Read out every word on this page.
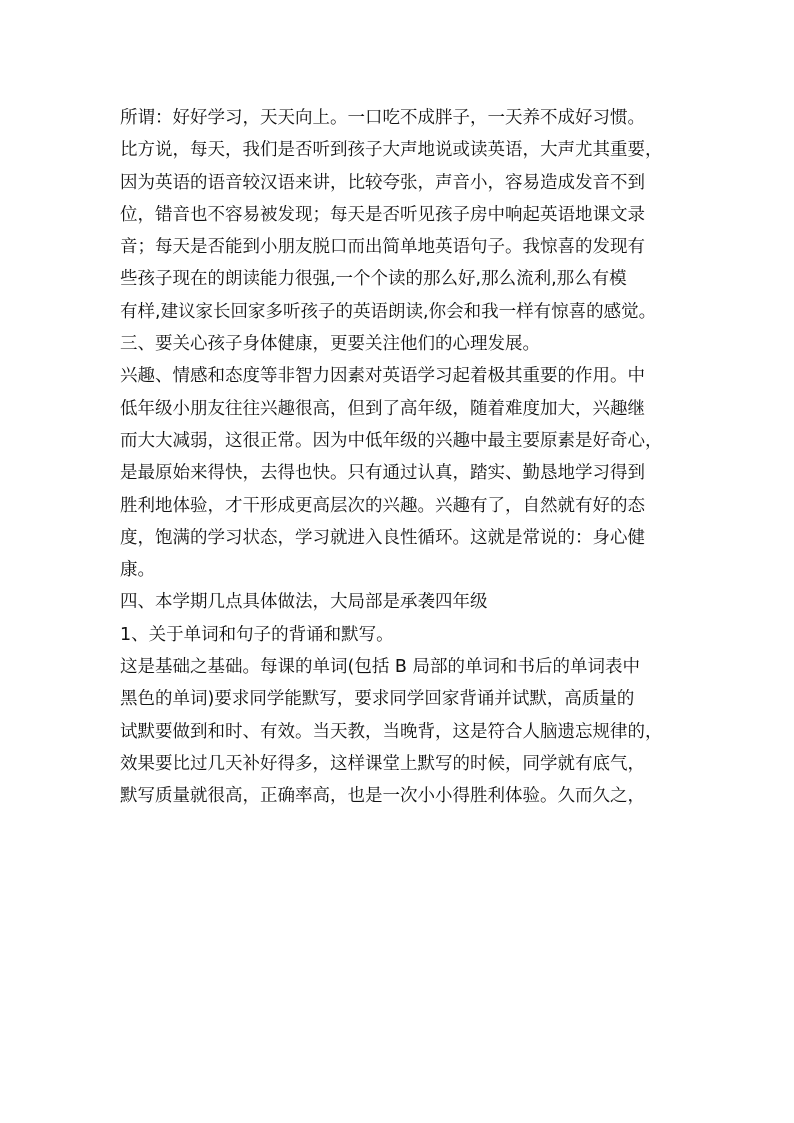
所谓：好好学习，天天向上。一口吃不成胖子，一天养不成好习惯。
比方说，每天，我们是否听到孩子大声地说或读英语，大声尤其重要，
因为英语的语音较汉语来讲，比较夸张，声音小，容易造成发音不到
位，错音也不容易被发现；每天是否听见孩子房中响起英语地课文录
音；每天是否能到小朋友脱口而出简单地英语句子。我惊喜的发现有
些孩子现在的朗读能力很强,一个个读的那么好,那么流利,那么有模
有样,建议家长回家多听孩子的英语朗读,你会和我一样有惊喜的感觉。
三、要关心孩子身体健康，更要关注他们的心理发展。
兴趣、情感和态度等非智力因素对英语学习起着极其重要的作用。中
低年级小朋友往往兴趣很高，但到了高年级，随着难度加大，兴趣继
而大大减弱，这很正常。因为中低年级的兴趣中最主要原素是好奇心，
是最原始来得快，去得也快。只有通过认真，踏实、勤恳地学习得到
胜利地体验，才干形成更高层次的兴趣。兴趣有了，自然就有好的态
度，饱满的学习状态，学习就进入良性循环。这就是常说的：身心健
康。
四、本学期几点具体做法，大局部是承袭四年级
1、关于单词和句子的背诵和默写。
这是基础之基础。每课的单词(包括 B 局部的单词和书后的单词表中
黑色的单词)要求同学能默写，要求同学回家背诵并试默，高质量的
试默要做到和时、有效。当天教，当晚背，这是符合人脑遗忘规律的，
效果要比过几天补好得多，这样课堂上默写的时候，同学就有底气，
默写质量就很高，正确率高，也是一次小小得胜利体验。久而久之，
